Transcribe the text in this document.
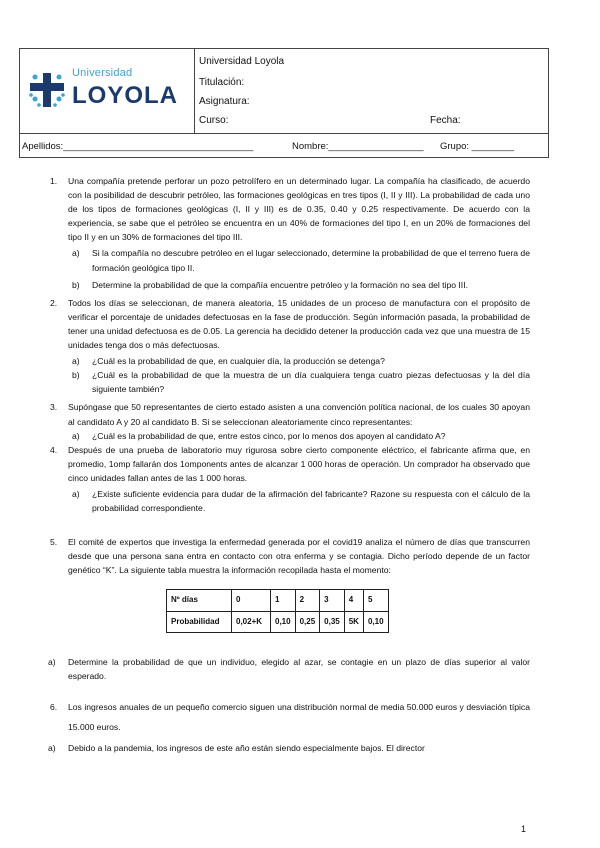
Universidad
LOYOLA
Universidad Loyola
Titulación:
Asignatura:
Curso:	Fecha:
Apellidos:____________________________________	Nombre:__________________ Grupo: ________
1. Una compañía pretende perforar un pozo petrolífero en un determinado lugar. La compañía ha clasificado, de acuerdo con la posibilidad de descubrir petróleo, las formaciones geológicas en tres tipos (I, II y III). La probabilidad de cada uno de los tipos de formaciones geológicas (I, II y III) es de 0.35, 0.40 y 0.25 respectivamente. De acuerdo con la experiencia, se sabe que el petróleo se encuentra en un 40% de formaciones del tipo I, en un 20% de formaciones del tipo II y en un 30% de formaciones del tipo III.
a) Si la compañía no descubre petróleo en el lugar seleccionado, determine la probabilidad de que el terreno fuera de formación geológica tipo II.
b) Determine la probabilidad de que la compañía encuentre petróleo y la formación no sea del tipo III.
2. Todos los días se seleccionan, de manera aleatoria, 15 unidades de un proceso de manufactura con el propósito de verificar el porcentaje de unidades defectuosas en la fase de producción. Según información pasada, la probabilidad de tener una unidad defectuosa es de 0.05. La gerencia ha decidido detener la producción cada vez que una muestra de 15 unidades tenga dos o más defectuosas.
a) ¿Cuál es la probabilidad de que, en cualquier día, la producción se detenga?
b) ¿Cuál es la probabilidad de que la muestra de un día cualquiera tenga cuatro piezas defectuosas y la del día siguiente también?
3. Supóngase que 50 representantes de cierto estado asisten a una convención política nacional, de los cuales 30 apoyan al candidato A y 20 al candidato B. Si se seleccionan aleatoriamente cinco representantes:
a) ¿Cuál es la probabilidad de que, entre estos cinco, por lo menos dos apoyen al candidato A?
4. Después de una prueba de laboratorio muy rigurosa sobre cierto componente eléctrico, el fabricante afirma que, en promedio, 1omp fallarán dos 1omponents antes de alcanzar 1 000 horas de operación. Un comprador ha observado que cinco unidades fallan antes de las 1 000 horas.
a) ¿Existe suficiente evidencia para dudar de la afirmación del fabricante? Razone su respuesta con el cálculo de la probabilidad correspondiente.
5. El comité de expertos que investiga la enfermedad generada por el covid19 analiza el número de días que transcurren desde que una persona sana entra en contacto con otra enferma y se contagia. Dicho período depende de un factor genético “K”. La siguiente tabla muestra la información recopilada hasta el momento:
Nº días	0	1	2	3	4	5
Probabilidad	0,02+K	0,10	0,25	0,35	5K	0,10
a) Determine la probabilidad de que un individuo, elegido al azar, se contagie en un plazo de días superior al valor esperado.
6. Los ingresos anuales de un pequeño comercio siguen una distribución normal de media 50.000 euros y desviación típica 15.000 euros.
a) Debido a la pandemia, los ingresos de este año están siendo especialmente bajos. El director
1
